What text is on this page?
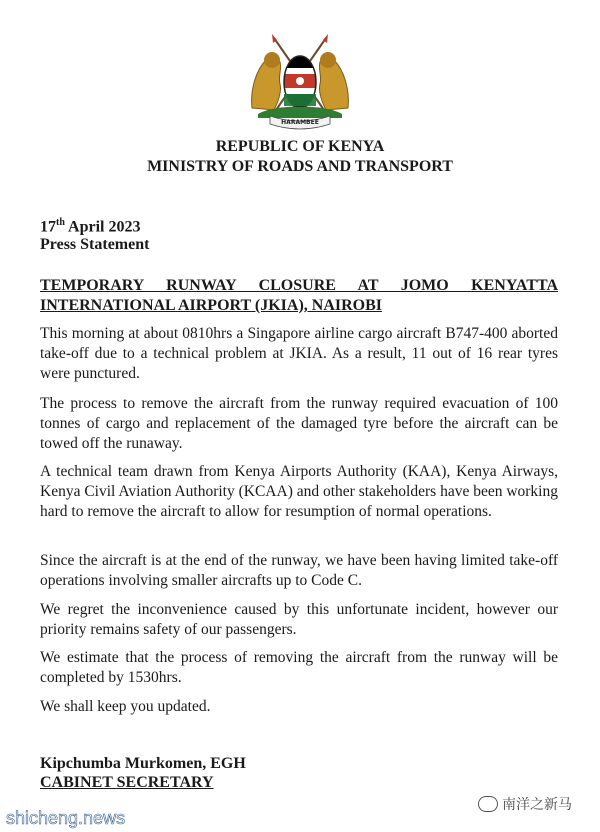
HARAMBEE
REPUBLIC OF KENYA
MINISTRY OF ROADS AND TRANSPORT
17th April 2023
Press Statement
TEMPORARY RUNWAY CLOSURE AT JOMO KENYATTA
INTERNATIONAL AIRPORT (JKIA), NAIROBI
This morning at about 0810hrs a Singapore airline cargo aircraft B747-400 aborted take-off due to a technical problem at JKIA. As a result, 11 out of 16 rear tyres were punctured.
The process to remove the aircraft from the runway required evacuation of 100 tonnes of cargo and replacement of the damaged tyre before the aircraft can be towed off the runaway.
A technical team drawn from Kenya Airports Authority (KAA), Kenya Airways, Kenya Civil Aviation Authority (KCAA) and other stakeholders have been working hard to remove the aircraft to allow for resumption of normal operations.
Since the aircraft is at the end of the runway, we have been having limited take-off operations involving smaller aircrafts up to Code C.
We regret the inconvenience caused by this unfortunate incident, however our priority remains safety of our passengers.
We estimate that the process of removing the aircraft from the runway will be completed by 1530hrs.
We shall keep you updated.
Kipchumba Murkomen, EGH
CABINET SECRETARY
shicheng.news
南洋之新马
